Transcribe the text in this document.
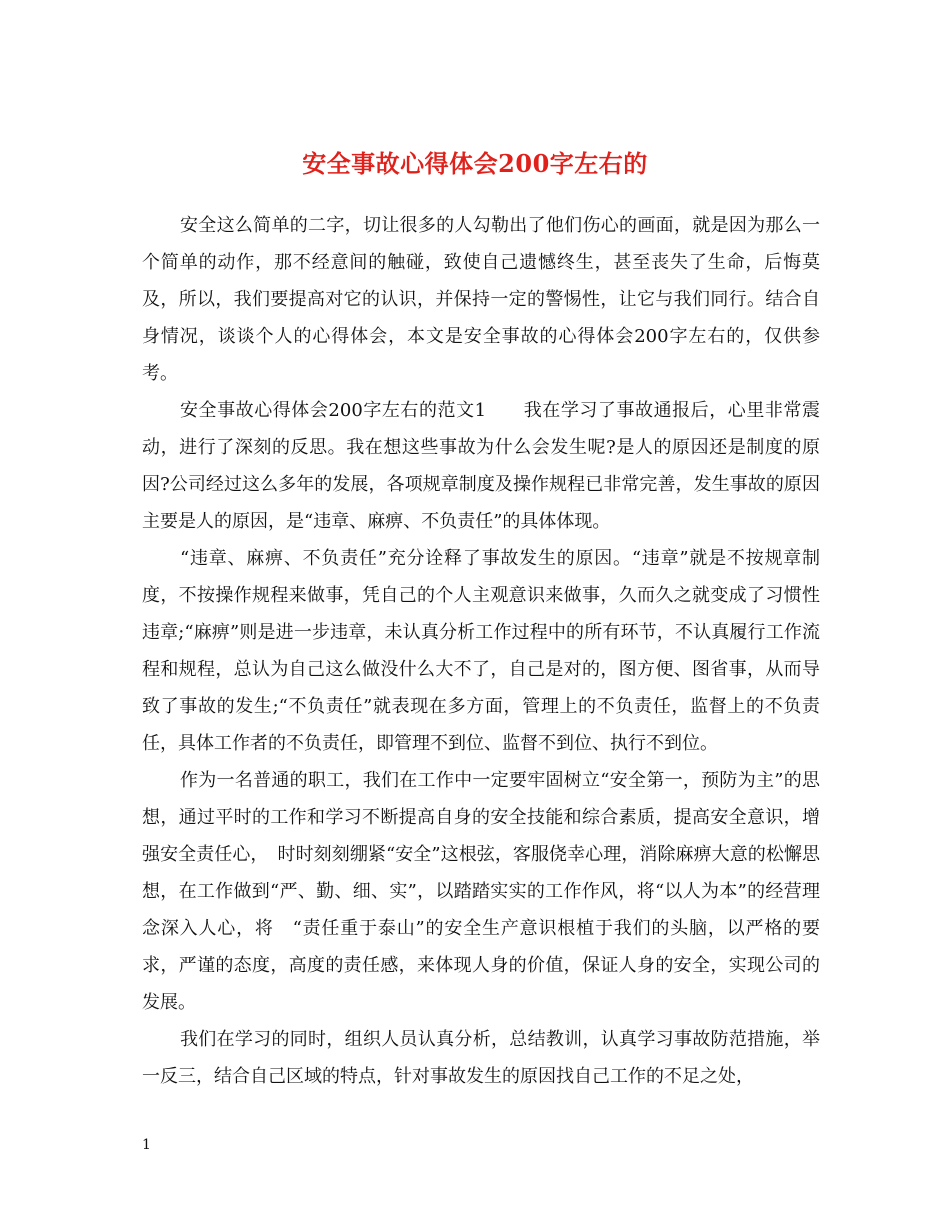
安全事故心得体会200字左右的

安全这么简单的二字，切让很多的人勾勒出了他们伤心的画面，就是因为那么一个简单的动作，那不经意间的触碰，致使自己遗憾终生，甚至丧失了生命，后悔莫及，所以，我们要提高对它的认识，并保持一定的警惕性，让它与我们同行。结合自身情况，谈谈个人的心得体会，本文是安全事故的心得体会200字左右的，仅供参考。

安全事故心得体会200字左右的范文1　　我在学习了事故通报后，心里非常震动，进行了深刻的反思。我在想这些事故为什么会发生呢?是人的原因还是制度的原因?公司经过这么多年的发展，各项规章制度及操作规程已非常完善，发生事故的原因主要是人的原因，是“违章、麻痹、不负责任”的具体体现。

“违章、麻痹、不负责任”充分诠释了事故发生的原因。“违章”就是不按规章制度，不按操作规程来做事，凭自己的个人主观意识来做事，久而久之就变成了习惯性违章;“麻痹”则是进一步违章，未认真分析工作过程中的所有环节，不认真履行工作流程和规程，总认为自己这么做没什么大不了，自己是对的，图方便、图省事，从而导致了事故的发生;“不负责任”就表现在多方面，管理上的不负责任，监督上的不负责任，具体工作者的不负责任，即管理不到位、监督不到位、执行不到位。

作为一名普通的职工，我们在工作中一定要牢固树立“安全第一，预防为主”的思想，通过平时的工作和学习不断提高自身的安全技能和综合素质，提高安全意识，增强安全责任心，　时时刻刻绷紧“安全”这根弦，客服侥幸心理，消除麻痹大意的松懈思想，在工作做到“严、勤、细、实”，以踏踏实实的工作作风，将“以人为本”的经营理念深入人心，将　“责任重于泰山”的安全生产意识根植于我们的头脑，以严格的要求，严谨的态度，高度的责任感，来体现人身的价值，保证人身的安全，实现公司的发展。

我们在学习的同时，组织人员认真分析，总结教训，认真学习事故防范措施，举一反三，结合自己区域的特点，针对事故发生的原因找自己工作的不足之处，

1
